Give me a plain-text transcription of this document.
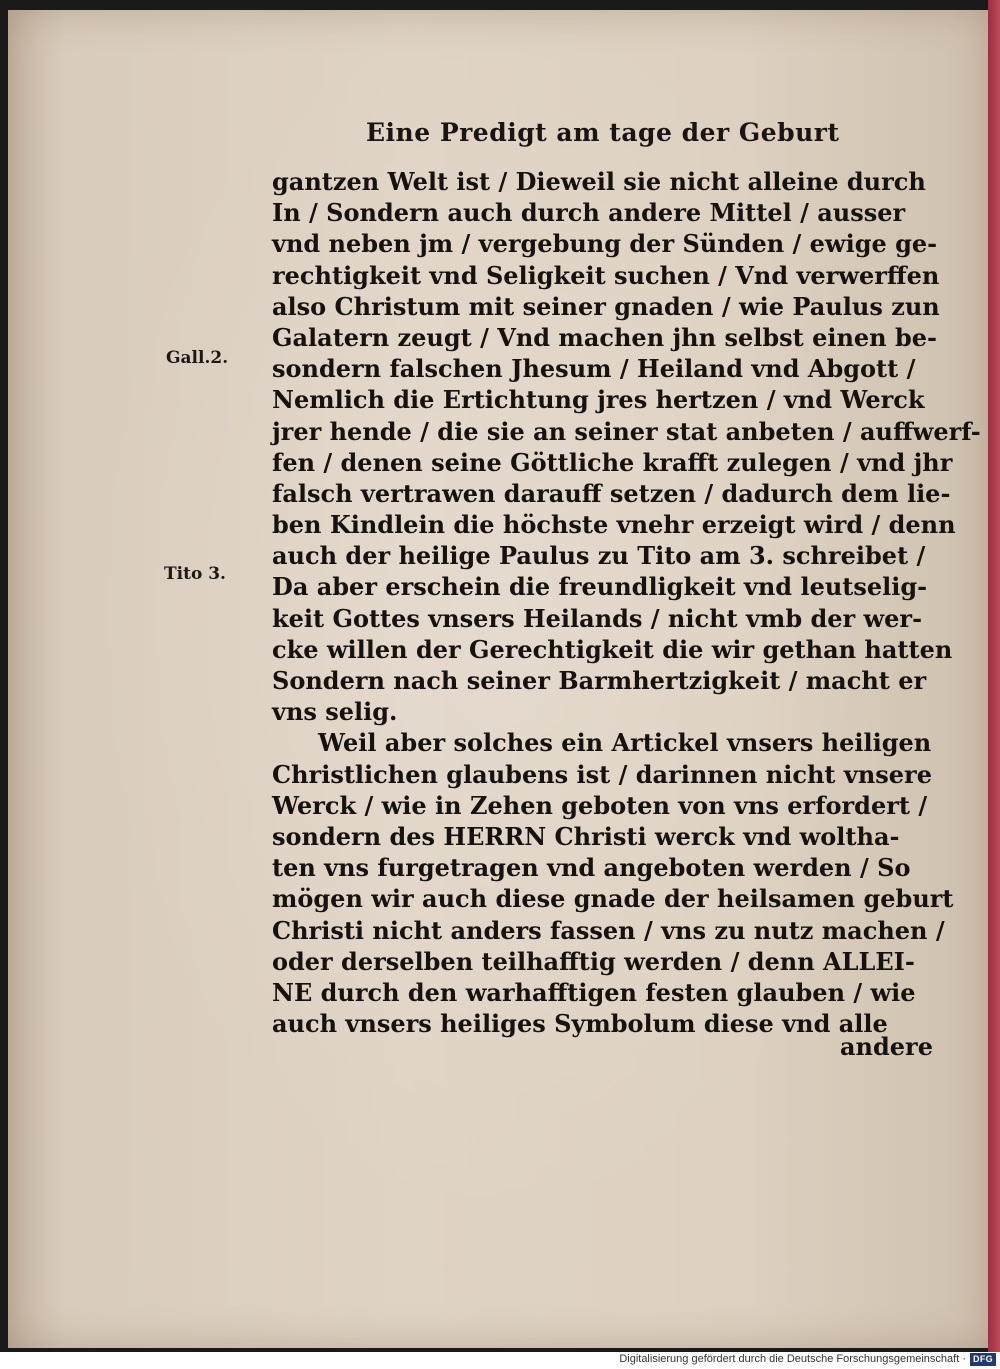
Eine Predigt am tage der Geburt
Gall.2.
Tito 3.
gantzen Welt ist / Dieweil sie nicht alleine durch
In / Sondern auch durch andere Mittel / ausser
vnd neben jm / vergebung der Sünden / ewige ge-
rechtigkeit vnd Seligkeit suchen / Vnd verwerffen
also Christum mit seiner gnaden / wie Paulus zun
Galatern zeugt / Vnd machen jhn selbst einen be-
sondern falschen Jhesum / Heiland vnd Abgott /
Nemlich die Ertichtung jres hertzen / vnd Werck
jrer hende / die sie an seiner stat anbeten / auffwerf-
fen / denen seine Göttliche krafft zulegen / vnd jhr
falsch vertrawen darauff setzen / dadurch dem lie-
ben Kindlein die höchste vnehr erzeigt wird / denn
auch der heilige Paulus zu Tito am 3. schreibet /
Da aber erschein die freundligkeit vnd leutselig-
keit Gottes vnsers Heilands / nicht vmb der wer-
cke willen der Gerechtigkeit die wir gethan hatten
Sondern nach seiner Barmhertzigkeit / macht er
vns selig.
Weil aber solches ein Artickel vnsers heiligen
Christlichen glaubens ist / darinnen nicht vnsere
Werck / wie in Zehen geboten von vns erfordert /
sondern des HERRN Christi werck vnd woltha-
ten vns furgetragen vnd angeboten werden / So
mögen wir auch diese gnade der heilsamen geburt
Christi nicht anders fassen / vns zu nutz machen /
oder derselben teilhafftig werden / denn ALLEI-
NE durch den warhafftigen festen glauben / wie
auch vnsers heiliges Symbolum diese vnd alle
andere
Digitalisierung gefördert durch die Deutsche Forschungsgemeinschaft · DFG
